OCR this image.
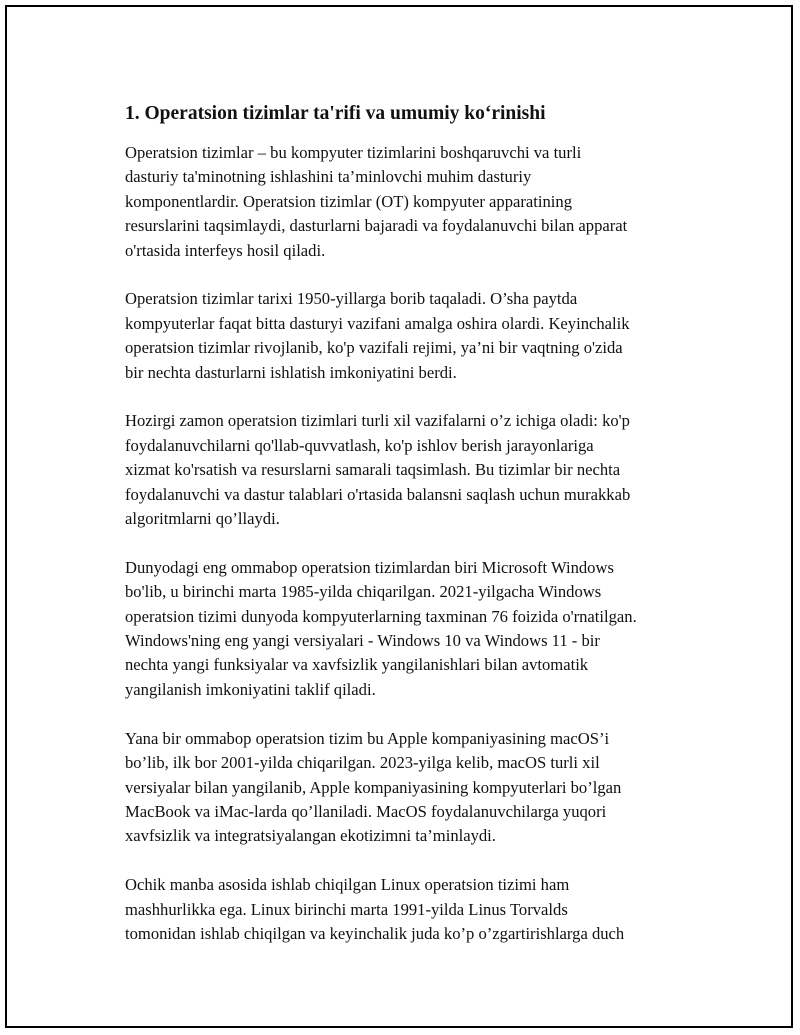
1. Operatsion tizimlar ta'rifi va umumiy koʻrinishi

Operatsion tizimlar – bu kompyuter tizimlarini boshqaruvchi va turli
dasturiy ta'minotning ishlashini ta’minlovchi muhim dasturiy
komponentlardir. Operatsion tizimlar (OT) kompyuter apparatining
resurslarini taqsimlaydi, dasturlarni bajaradi va foydalanuvchi bilan apparat
o'rtasida interfeys hosil qiladi.

Operatsion tizimlar tarixi 1950-yillarga borib taqaladi. O’sha paytda
kompyuterlar faqat bitta dasturyi vazifani amalga oshira olardi. Keyinchalik
operatsion tizimlar rivojlanib, ko'p vazifali rejimi, ya’ni bir vaqtning o'zida
bir nechta dasturlarni ishlatish imkoniyatini berdi.

Hozirgi zamon operatsion tizimlari turli xil vazifalarni o’z ichiga oladi: ko'p
foydalanuvchilarni qo'llab-quvvatlash, ko'p ishlov berish jarayonlariga
xizmat ko'rsatish va resurslarni samarali taqsimlash. Bu tizimlar bir nechta
foydalanuvchi va dastur talablari o'rtasida balansni saqlash uchun murakkab
algoritmlarni qo’llaydi.

Dunyodagi eng ommabop operatsion tizimlardan biri Microsoft Windows
bo'lib, u birinchi marta 1985-yilda chiqarilgan. 2021-yilgacha Windows
operatsion tizimi dunyoda kompyuterlarning taxminan 76 foizida o'rnatilgan.
Windows'ning eng yangi versiyalari - Windows 10 va Windows 11 - bir
nechta yangi funksiyalar va xavfsizlik yangilanishlari bilan avtomatik
yangilanish imkoniyatini taklif qiladi.

Yana bir ommabop operatsion tizim bu Apple kompaniyasining macOS’i
bo’lib, ilk bor 2001-yilda chiqarilgan. 2023-yilga kelib, macOS turli xil
versiyalar bilan yangilanib, Apple kompaniyasining kompyuterlari bo’lgan
MacBook va iMac-larda qo’llaniladi. MacOS foydalanuvchilarga yuqori
xavfsizlik va integratsiyalangan ekotizimni ta’minlaydi.

Ochik manba asosida ishlab chiqilgan Linux operatsion tizimi ham
mashhurlikka ega. Linux birinchi marta 1991-yilda Linus Torvalds
tomonidan ishlab chiqilgan va keyinchalik juda ko’p o’zgartirishlarga duch
